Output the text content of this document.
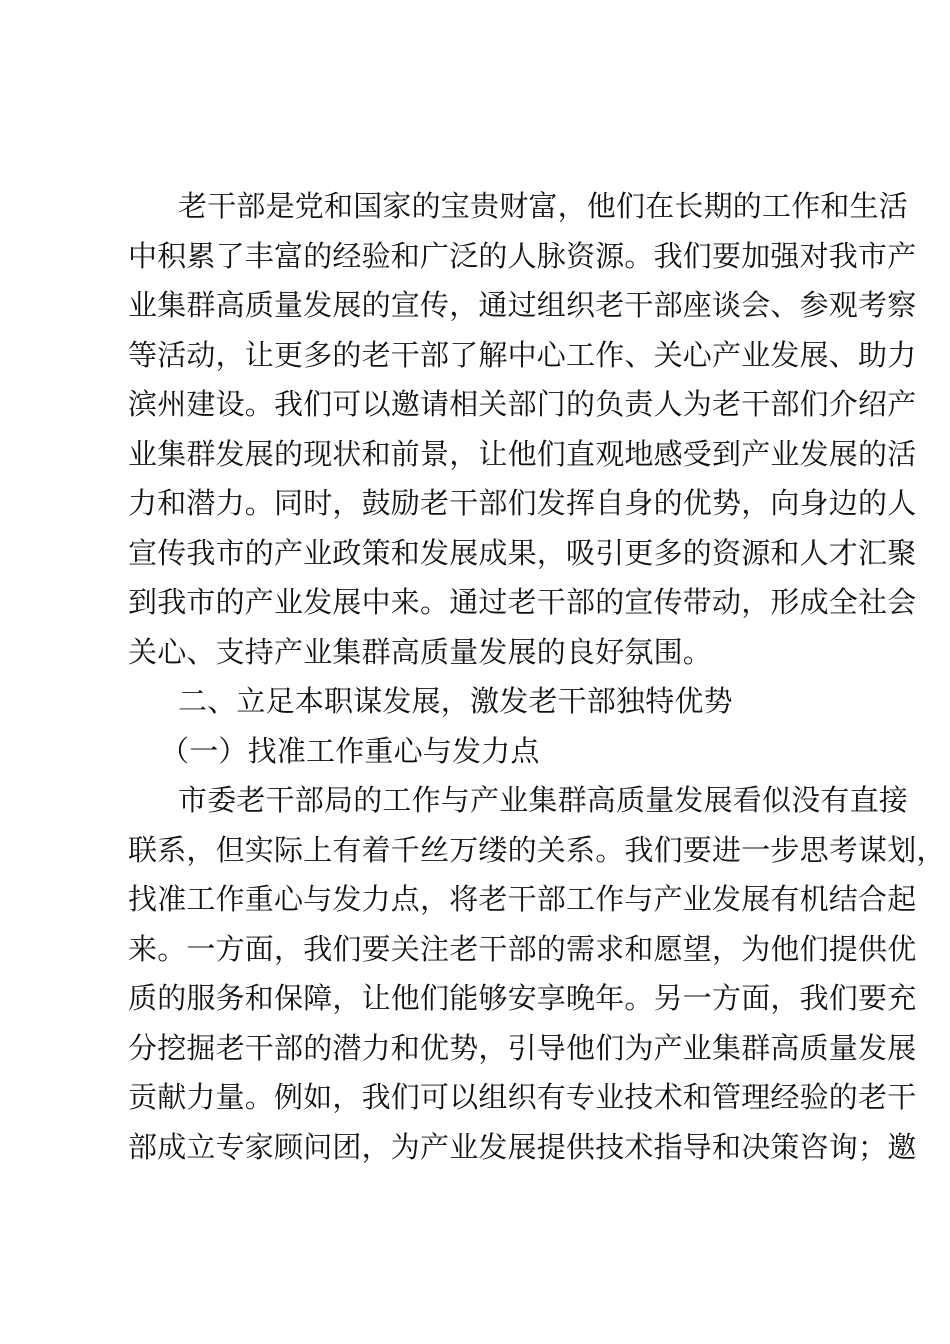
老干部是党和国家的宝贵财富，他们在长期的工作和生活
中积累了丰富的经验和广泛的人脉资源。我们要加强对我市产
业集群高质量发展的宣传，通过组织老干部座谈会、参观考察
等活动，让更多的老干部了解中心工作、关心产业发展、助力
滨州建设。我们可以邀请相关部门的负责人为老干部们介绍产
业集群发展的现状和前景，让他们直观地感受到产业发展的活
力和潜力。同时，鼓励老干部们发挥自身的优势，向身边的人
宣传我市的产业政策和发展成果，吸引更多的资源和人才汇聚
到我市的产业发展中来。通过老干部的宣传带动，形成全社会
关心、支持产业集群高质量发展的良好氛围。
二、立足本职谋发展，激发老干部独特优势
（一）找准工作重心与发力点
市委老干部局的工作与产业集群高质量发展看似没有直接
联系，但实际上有着千丝万缕的关系。我们要进一步思考谋划，
找准工作重心与发力点，将老干部工作与产业发展有机结合起
来。一方面，我们要关注老干部的需求和愿望，为他们提供优
质的服务和保障，让他们能够安享晚年。另一方面，我们要充
分挖掘老干部的潜力和优势，引导他们为产业集群高质量发展
贡献力量。例如，我们可以组织有专业技术和管理经验的老干
部成立专家顾问团，为产业发展提供技术指导和决策咨询；邀
